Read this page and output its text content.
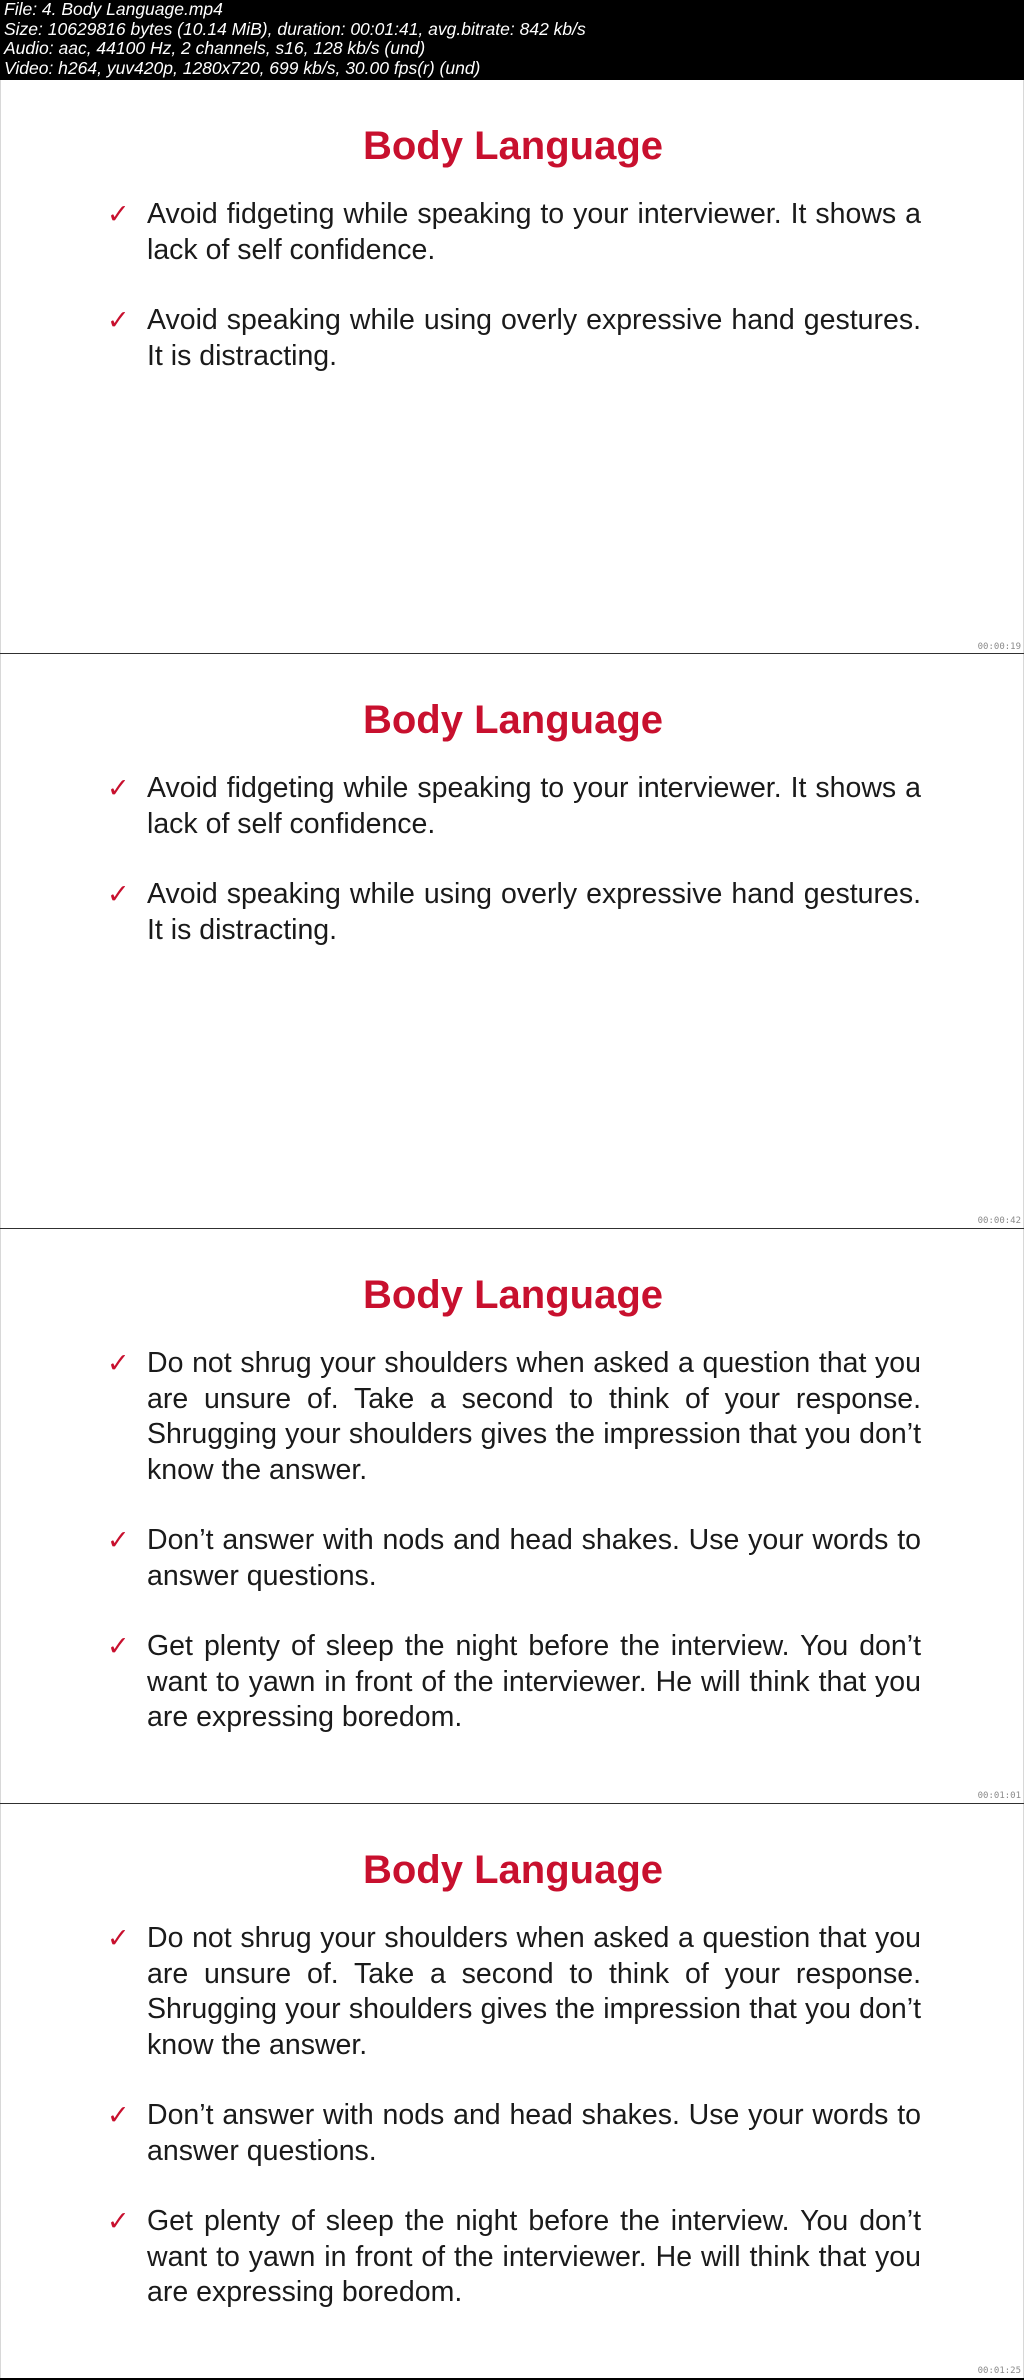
File: 4. Body Language.mp4
Size: 10629816 bytes (10.14 MiB), duration: 00:01:41, avg.bitrate: 842 kb/s
Audio: aac, 44100 Hz, 2 channels, s16, 128 kb/s (und)
Video: h264, yuv420p, 1280x720, 699 kb/s, 30.00 fps(r) (und)
Body Language
✓ Avoid fidgeting while speaking to your interviewer. It shows a lack of self confidence.
✓ Avoid speaking while using overly expressive hand gestures. It is distracting.
00:00:19
Body Language
✓ Avoid fidgeting while speaking to your interviewer. It shows a lack of self confidence.
✓ Avoid speaking while using overly expressive hand gestures. It is distracting.
00:00:42
Body Language
✓ Do not shrug your shoulders when asked a question that you are unsure of. Take a second to think of your response. Shrugging your shoulders gives the impression that you don’t know the answer.
✓ Don’t answer with nods and head shakes. Use your words to answer questions.
✓ Get plenty of sleep the night before the interview. You don’t want to yawn in front of the interviewer. He will think that you are expressing boredom.
00:01:01
Body Language
✓ Do not shrug your shoulders when asked a question that you are unsure of. Take a second to think of your response. Shrugging your shoulders gives the impression that you don’t know the answer.
✓ Don’t answer with nods and head shakes. Use your words to answer questions.
✓ Get plenty of sleep the night before the interview. You don’t want to yawn in front of the interviewer. He will think that you are expressing boredom.
00:01:25
